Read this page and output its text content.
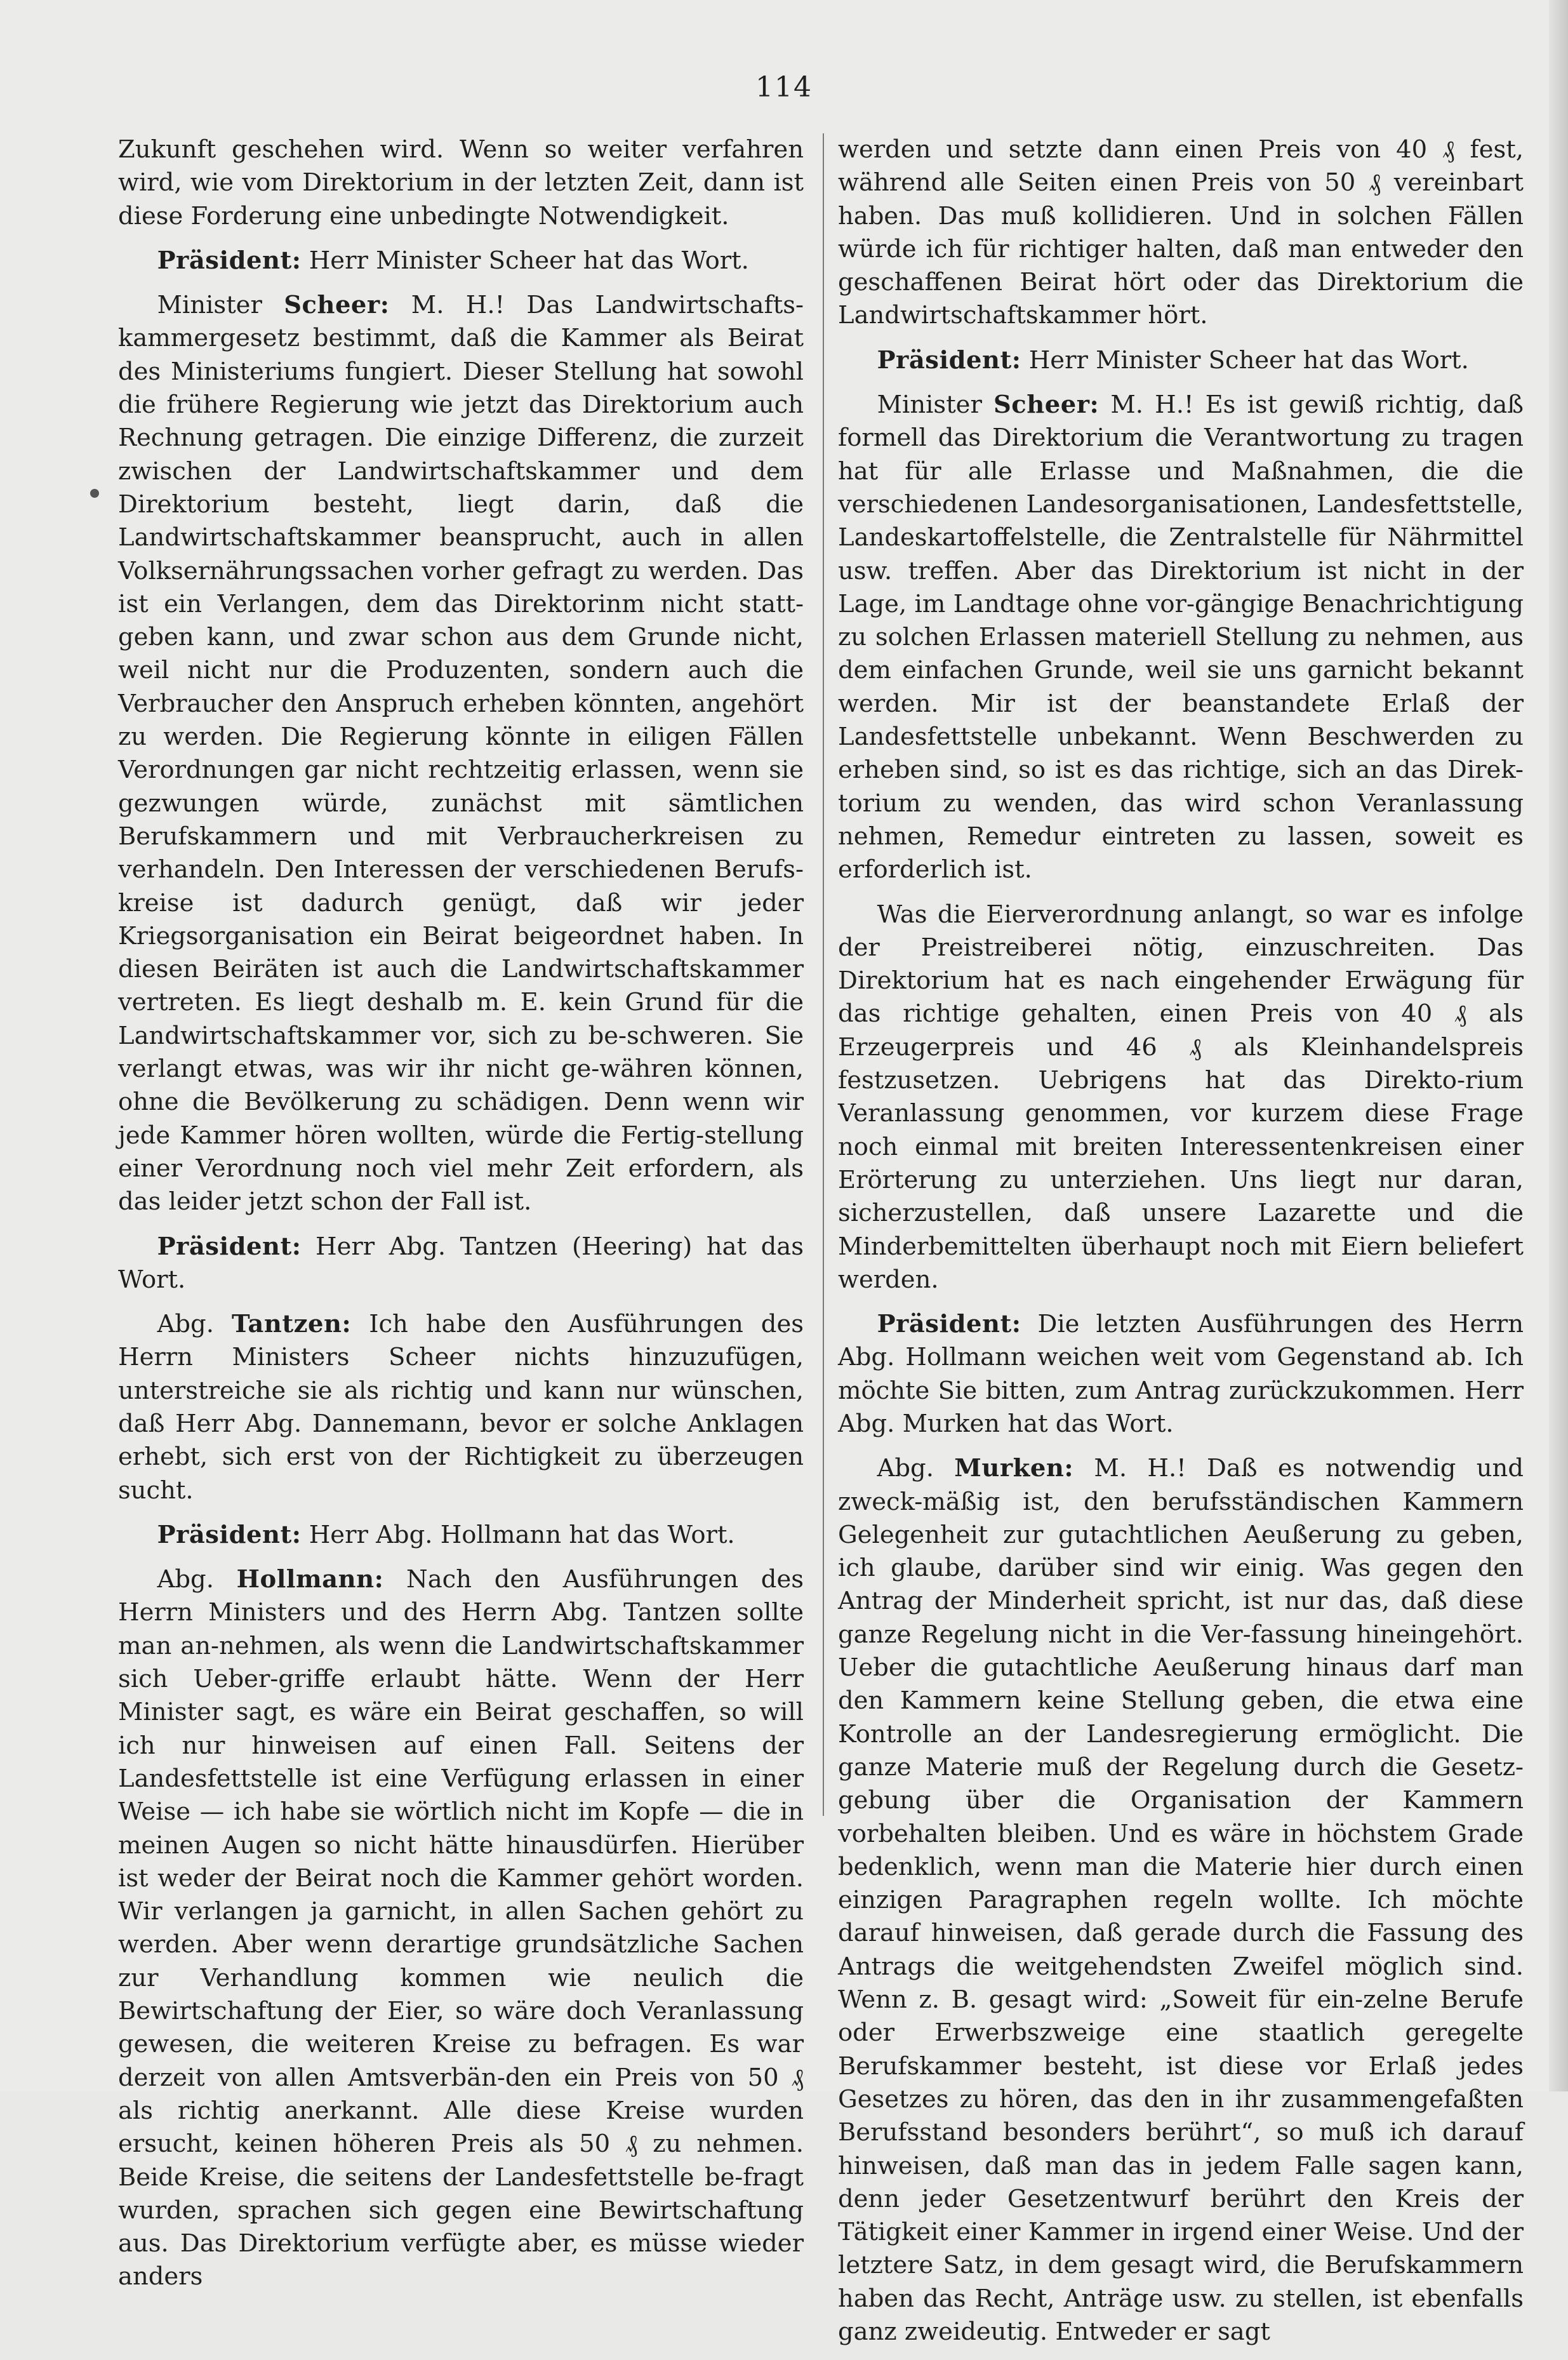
114

Zukunft geschehen wird. Wenn so weiter verfahren wird, wie vom Direktorium in der letzten Zeit, dann ist diese Forderung eine unbedingte Notwendigkeit.

Präsident: Herr Minister Scheer hat das Wort.

Minister Scheer: M. H.! Das Landwirtschafts-kammergesetz bestimmt, daß die Kammer als Beirat des Ministeriums fungiert. Dieser Stellung hat sowohl die frühere Regierung wie jetzt das Direktorium auch Rechnung getragen. Die einzige Differenz, die zurzeit zwischen der Landwirtschaftskammer und dem Direktorium besteht, liegt darin, daß die Landwirtschaftskammer beansprucht, auch in allen Volksernährungssachen vorher gefragt zu werden. Das ist ein Verlangen, dem das Direktorinm nicht statt-geben kann, und zwar schon aus dem Grunde nicht, weil nicht nur die Produzenten, sondern auch die Verbraucher den Anspruch erheben könnten, angehört zu werden. Die Regierung könnte in eiligen Fällen Verordnungen gar nicht rechtzeitig erlassen, wenn sie gezwungen würde, zunächst mit sämtlichen Berufskammern und mit Verbraucherkreisen zu verhandeln. Den Interessen der verschiedenen Berufs-kreise ist dadurch genügt, daß wir jeder Kriegsorganisation ein Beirat beigeordnet haben. In diesen Beiräten ist auch die Landwirtschaftskammer vertreten. Es liegt deshalb m. E. kein Grund für die Landwirtschaftskammer vor, sich zu be-schweren. Sie verlangt etwas, was wir ihr nicht ge-währen können, ohne die Bevölkerung zu schädigen. Denn wenn wir jede Kammer hören wollten, würde die Fertig-stellung einer Verordnung noch viel mehr Zeit erfordern, als das leider jetzt schon der Fall ist.

Präsident: Herr Abg. Tantzen (Heering) hat das Wort.

Abg. Tantzen: Ich habe den Ausführungen des Herrn Ministers Scheer nichts hinzuzufügen, unterstreiche sie als richtig und kann nur wünschen, daß Herr Abg. Dannemann, bevor er solche Anklagen erhebt, sich erst von der Richtigkeit zu überzeugen sucht.

Präsident: Herr Abg. Hollmann hat das Wort.

Abg. Hollmann: Nach den Ausführungen des Herrn Ministers und des Herrn Abg. Tantzen sollte man an-nehmen, als wenn die Landwirtschaftskammer sich Ueber-griffe erlaubt hätte. Wenn der Herr Minister sagt, es wäre ein Beirat geschaffen, so will ich nur hinweisen auf einen Fall. Seitens der Landesfettstelle ist eine Verfügung erlassen in einer Weise — ich habe sie wörtlich nicht im Kopfe — die in meinen Augen so nicht hätte hinausdürfen. Hierüber ist weder der Beirat noch die Kammer gehört worden. Wir verlangen ja garnicht, in allen Sachen gehört zu werden. Aber wenn derartige grundsätzliche Sachen zur Verhandlung kommen wie neulich die Bewirtschaftung der Eier, so wäre doch Veranlassung gewesen, die weiteren Kreise zu befragen. Es war derzeit von allen Amtsverbän-den ein Preis von 50 ₰ als richtig anerkannt. Alle diese Kreise wurden ersucht, keinen höheren Preis als 50 ₰ zu nehmen. Beide Kreise, die seitens der Landesfettstelle be-fragt wurden, sprachen sich gegen eine Bewirtschaftung aus. Das Direktorium verfügte aber, es müsse wieder anders

werden und setzte dann einen Preis von 40 ₰ fest, während alle Seiten einen Preis von 50 ₰ vereinbart haben. Das muß kollidieren. Und in solchen Fällen würde ich für richtiger halten, daß man entweder den geschaffenen Beirat hört oder das Direktorium die Landwirtschaftskammer hört.

Präsident: Herr Minister Scheer hat das Wort.

Minister Scheer: M. H.! Es ist gewiß richtig, daß formell das Direktorium die Verantwortung zu tragen hat für alle Erlasse und Maßnahmen, die die verschiedenen Landesorganisationen, Landesfettstelle, Landeskartoffelstelle, die Zentralstelle für Nährmittel usw. treffen. Aber das Direktorium ist nicht in der Lage, im Landtage ohne vor-gängige Benachrichtigung zu solchen Erlassen materiell Stellung zu nehmen, aus dem einfachen Grunde, weil sie uns garnicht bekannt werden. Mir ist der beanstandete Erlaß der Landesfettstelle unbekannt. Wenn Beschwerden zu erheben sind, so ist es das richtige, sich an das Direk-torium zu wenden, das wird schon Veranlassung nehmen, Remedur eintreten zu lassen, soweit es erforderlich ist.

Was die Eierverordnung anlangt, so war es infolge der Preistreiberei nötig, einzuschreiten. Das Direktorium hat es nach eingehender Erwägung für das richtige gehalten, einen Preis von 40 ₰ als Erzeugerpreis und 46 ₰ als Kleinhandelspreis festzusetzen. Uebrigens hat das Direkto-rium Veranlassung genommen, vor kurzem diese Frage noch einmal mit breiten Interessentenkreisen einer Erörterung zu unterziehen. Uns liegt nur daran, sicherzustellen, daß unsere Lazarette und die Minderbemittelten überhaupt noch mit Eiern beliefert werden.

Präsident: Die letzten Ausführungen des Herrn Abg. Hollmann weichen weit vom Gegenstand ab. Ich möchte Sie bitten, zum Antrag zurückzukommen. Herr Abg. Murken hat das Wort.

Abg. Murken: M. H.! Daß es notwendig und zweck-mäßig ist, den berufsständischen Kammern Gelegenheit zur gutachtlichen Aeußerung zu geben, ich glaube, darüber sind wir einig. Was gegen den Antrag der Minderheit spricht, ist nur das, daß diese ganze Regelung nicht in die Ver-fassung hineingehört. Ueber die gutachtliche Aeußerung hinaus darf man den Kammern keine Stellung geben, die etwa eine Kontrolle an der Landesregierung ermöglicht. Die ganze Materie muß der Regelung durch die Gesetz-gebung über die Organisation der Kammern vorbehalten bleiben. Und es wäre in höchstem Grade bedenklich, wenn man die Materie hier durch einen einzigen Paragraphen regeln wollte. Ich möchte darauf hinweisen, daß gerade durch die Fassung des Antrags die weitgehendsten Zweifel möglich sind. Wenn z. B. gesagt wird: „Soweit für ein-zelne Berufe oder Erwerbszweige eine staatlich geregelte Berufskammer besteht, ist diese vor Erlaß jedes Gesetzes zu hören, das den in ihr zusammengefaßten Berufsstand besonders berührt“, so muß ich darauf hinweisen, daß man das in jedem Falle sagen kann, denn jeder Gesetzentwurf berührt den Kreis der Tätigkeit einer Kammer in irgend einer Weise. Und der letztere Satz, in dem gesagt wird, die Berufskammern haben das Recht, Anträge usw. zu stellen, ist ebenfalls ganz zweideutig. Entweder er sagt
